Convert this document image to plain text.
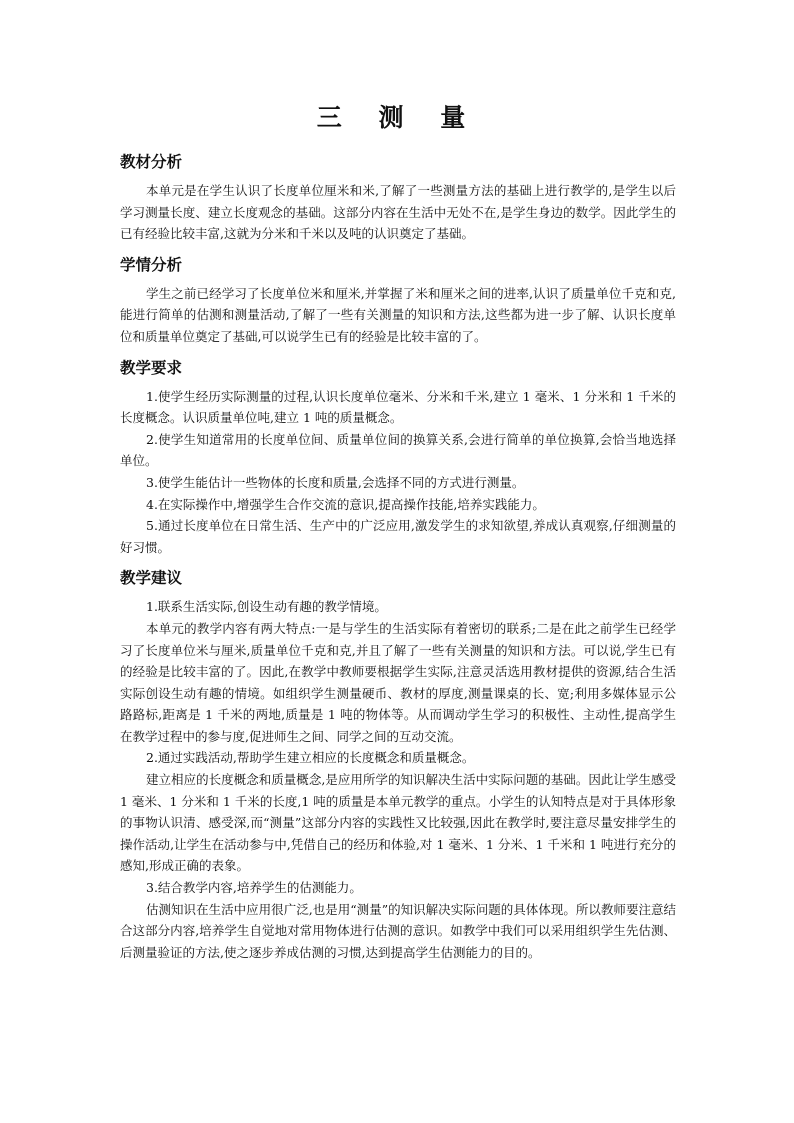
三 测 量
教材分析

本单元是在学生认识了长度单位厘米和米,了解了一些测量方法的基础上进行教学的,是学生以后学习测量长度、建立长度观念的基础。这部分内容在生活中无处不在,是学生身边的数学。因此学生的已有经验比较丰富,这就为分米和千米以及吨的认识奠定了基础。

学情分析

学生之前已经学习了长度单位米和厘米,并掌握了米和厘米之间的进率,认识了质量单位千克和克,能进行简单的估测和测量活动,了解了一些有关测量的知识和方法,这些都为进一步了解、认识长度单位和质量单位奠定了基础,可以说学生已有的经验是比较丰富的了。

教学要求

1.使学生经历实际测量的过程,认识长度单位毫米、分米和千米,建立 1 毫米、1 分米和 1 千米的长度概念。认识质量单位吨,建立 1 吨的质量概念。

2.使学生知道常用的长度单位间、质量单位间的换算关系,会进行简单的单位换算,会恰当地选择单位。

3.使学生能估计一些物体的长度和质量,会选择不同的方式进行测量。

4.在实际操作中,增强学生合作交流的意识,提高操作技能,培养实践能力。

5.通过长度单位在日常生活、生产中的广泛应用,激发学生的求知欲望,养成认真观察,仔细测量的好习惯。

教学建议

1.联系生活实际,创设生动有趣的教学情境。

本单元的教学内容有两大特点:一是与学生的生活实际有着密切的联系;二是在此之前学生已经学习了长度单位米与厘米,质量单位千克和克,并且了解了一些有关测量的知识和方法。可以说,学生已有的经验是比较丰富的了。因此,在教学中教师要根据学生实际,注意灵活选用教材提供的资源,结合生活实际创设生动有趣的情境。如组织学生测量硬币、教材的厚度,测量课桌的长、宽;利用多媒体显示公路路标,距离是 1 千米的两地,质量是 1 吨的物体等。从而调动学生学习的积极性、主动性,提高学生在教学过程中的参与度,促进师生之间、同学之间的互动交流。

2.通过实践活动,帮助学生建立相应的长度概念和质量概念。

建立相应的长度概念和质量概念,是应用所学的知识解决生活中实际问题的基础。因此让学生感受 1 毫米、1 分米和 1 千米的长度,1 吨的质量是本单元教学的重点。小学生的认知特点是对于具体形象的事物认识清、感受深,而“测量”这部分内容的实践性又比较强,因此在教学时,要注意尽量安排学生的操作活动,让学生在活动参与中,凭借自己的经历和体验,对 1 毫米、1 分米、1 千米和 1 吨进行充分的感知,形成正确的表象。

3.结合教学内容,培养学生的估测能力。

估测知识在生活中应用很广泛,也是用“测量”的知识解决实际问题的具体体现。所以教师要注意结合这部分内容,培养学生自觉地对常用物体进行估测的意识。如教学中我们可以采用组织学生先估测、后测量验证的方法,使之逐步养成估测的习惯,达到提高学生估测能力的目的。
